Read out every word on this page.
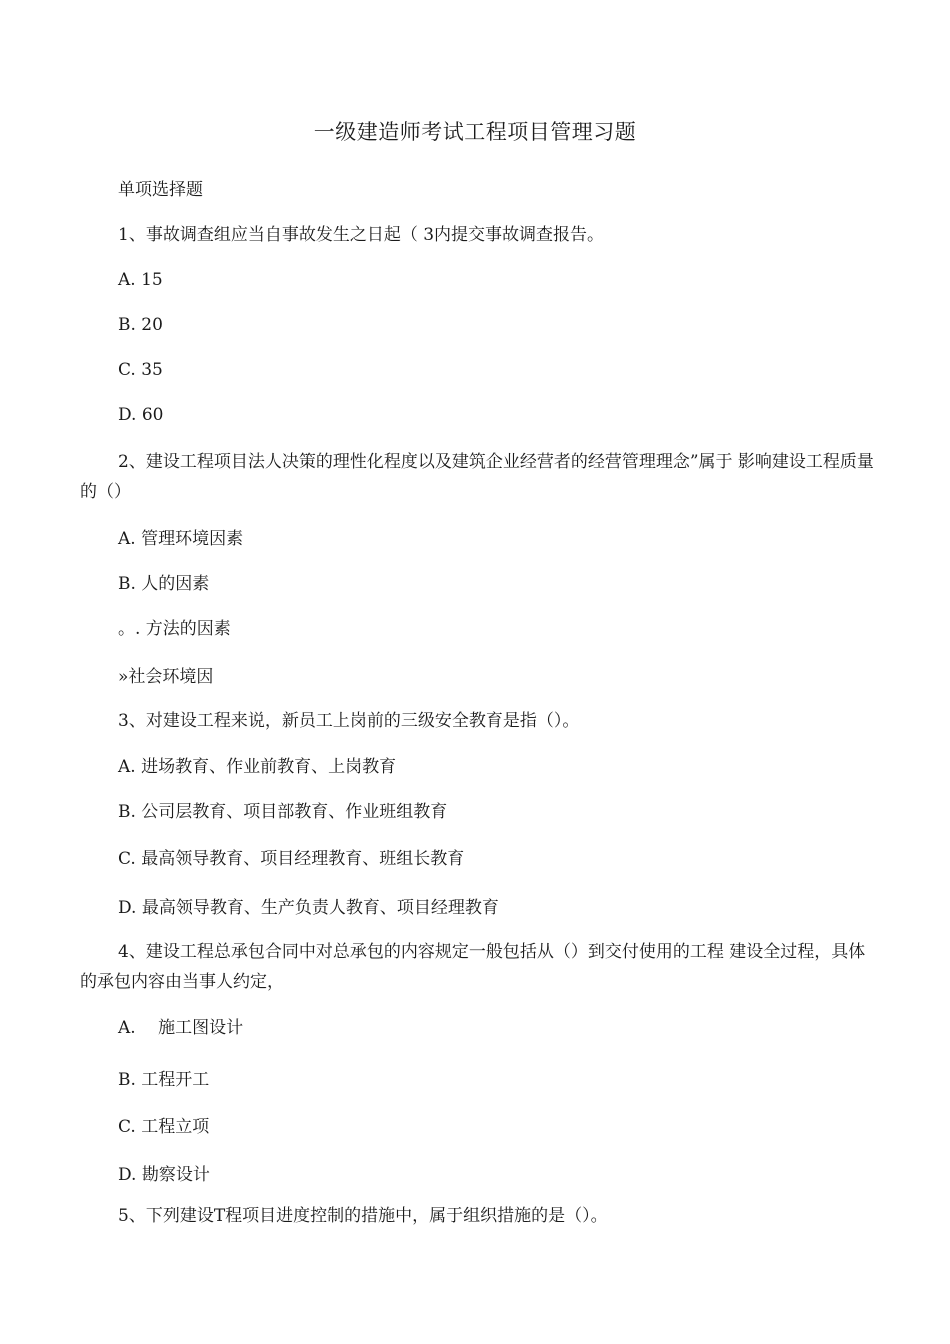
一级建造师考试工程项目管理习题
单项选择题
1、事故调查组应当自事故发生之日起（ 3内提交事故调查报告。
A. 15
B. 20
C. 35
D. 60
2、建设工程项目法人决策的理性化程度以及建筑企业经营者的经营管理理念”属于 影响建设工程质量的（）
A. 管理环境因素
B. 人的因素
。. 方法的因素
»社会环境因
3、对建设工程来说，新员工上岗前的三级安全教育是指（）。
A. 进场教育、作业前教育、上岗教育
B. 公司层教育、项目部教育、作业班组教育
C. 最高领导教育、项目经理教育、班组长教育
D. 最高领导教育、生产负责人教育、项目经理教育
4、建设工程总承包合同中对总承包的内容规定一般包括从（）到交付使用的工程 建设全过程，具体的承包内容由当事人约定，
A.　 施工图设计
B. 工程开工
C. 工程立项
D. 勘察设计
5、下列建设T程项目进度控制的措施中，属于组织措施的是（）。
